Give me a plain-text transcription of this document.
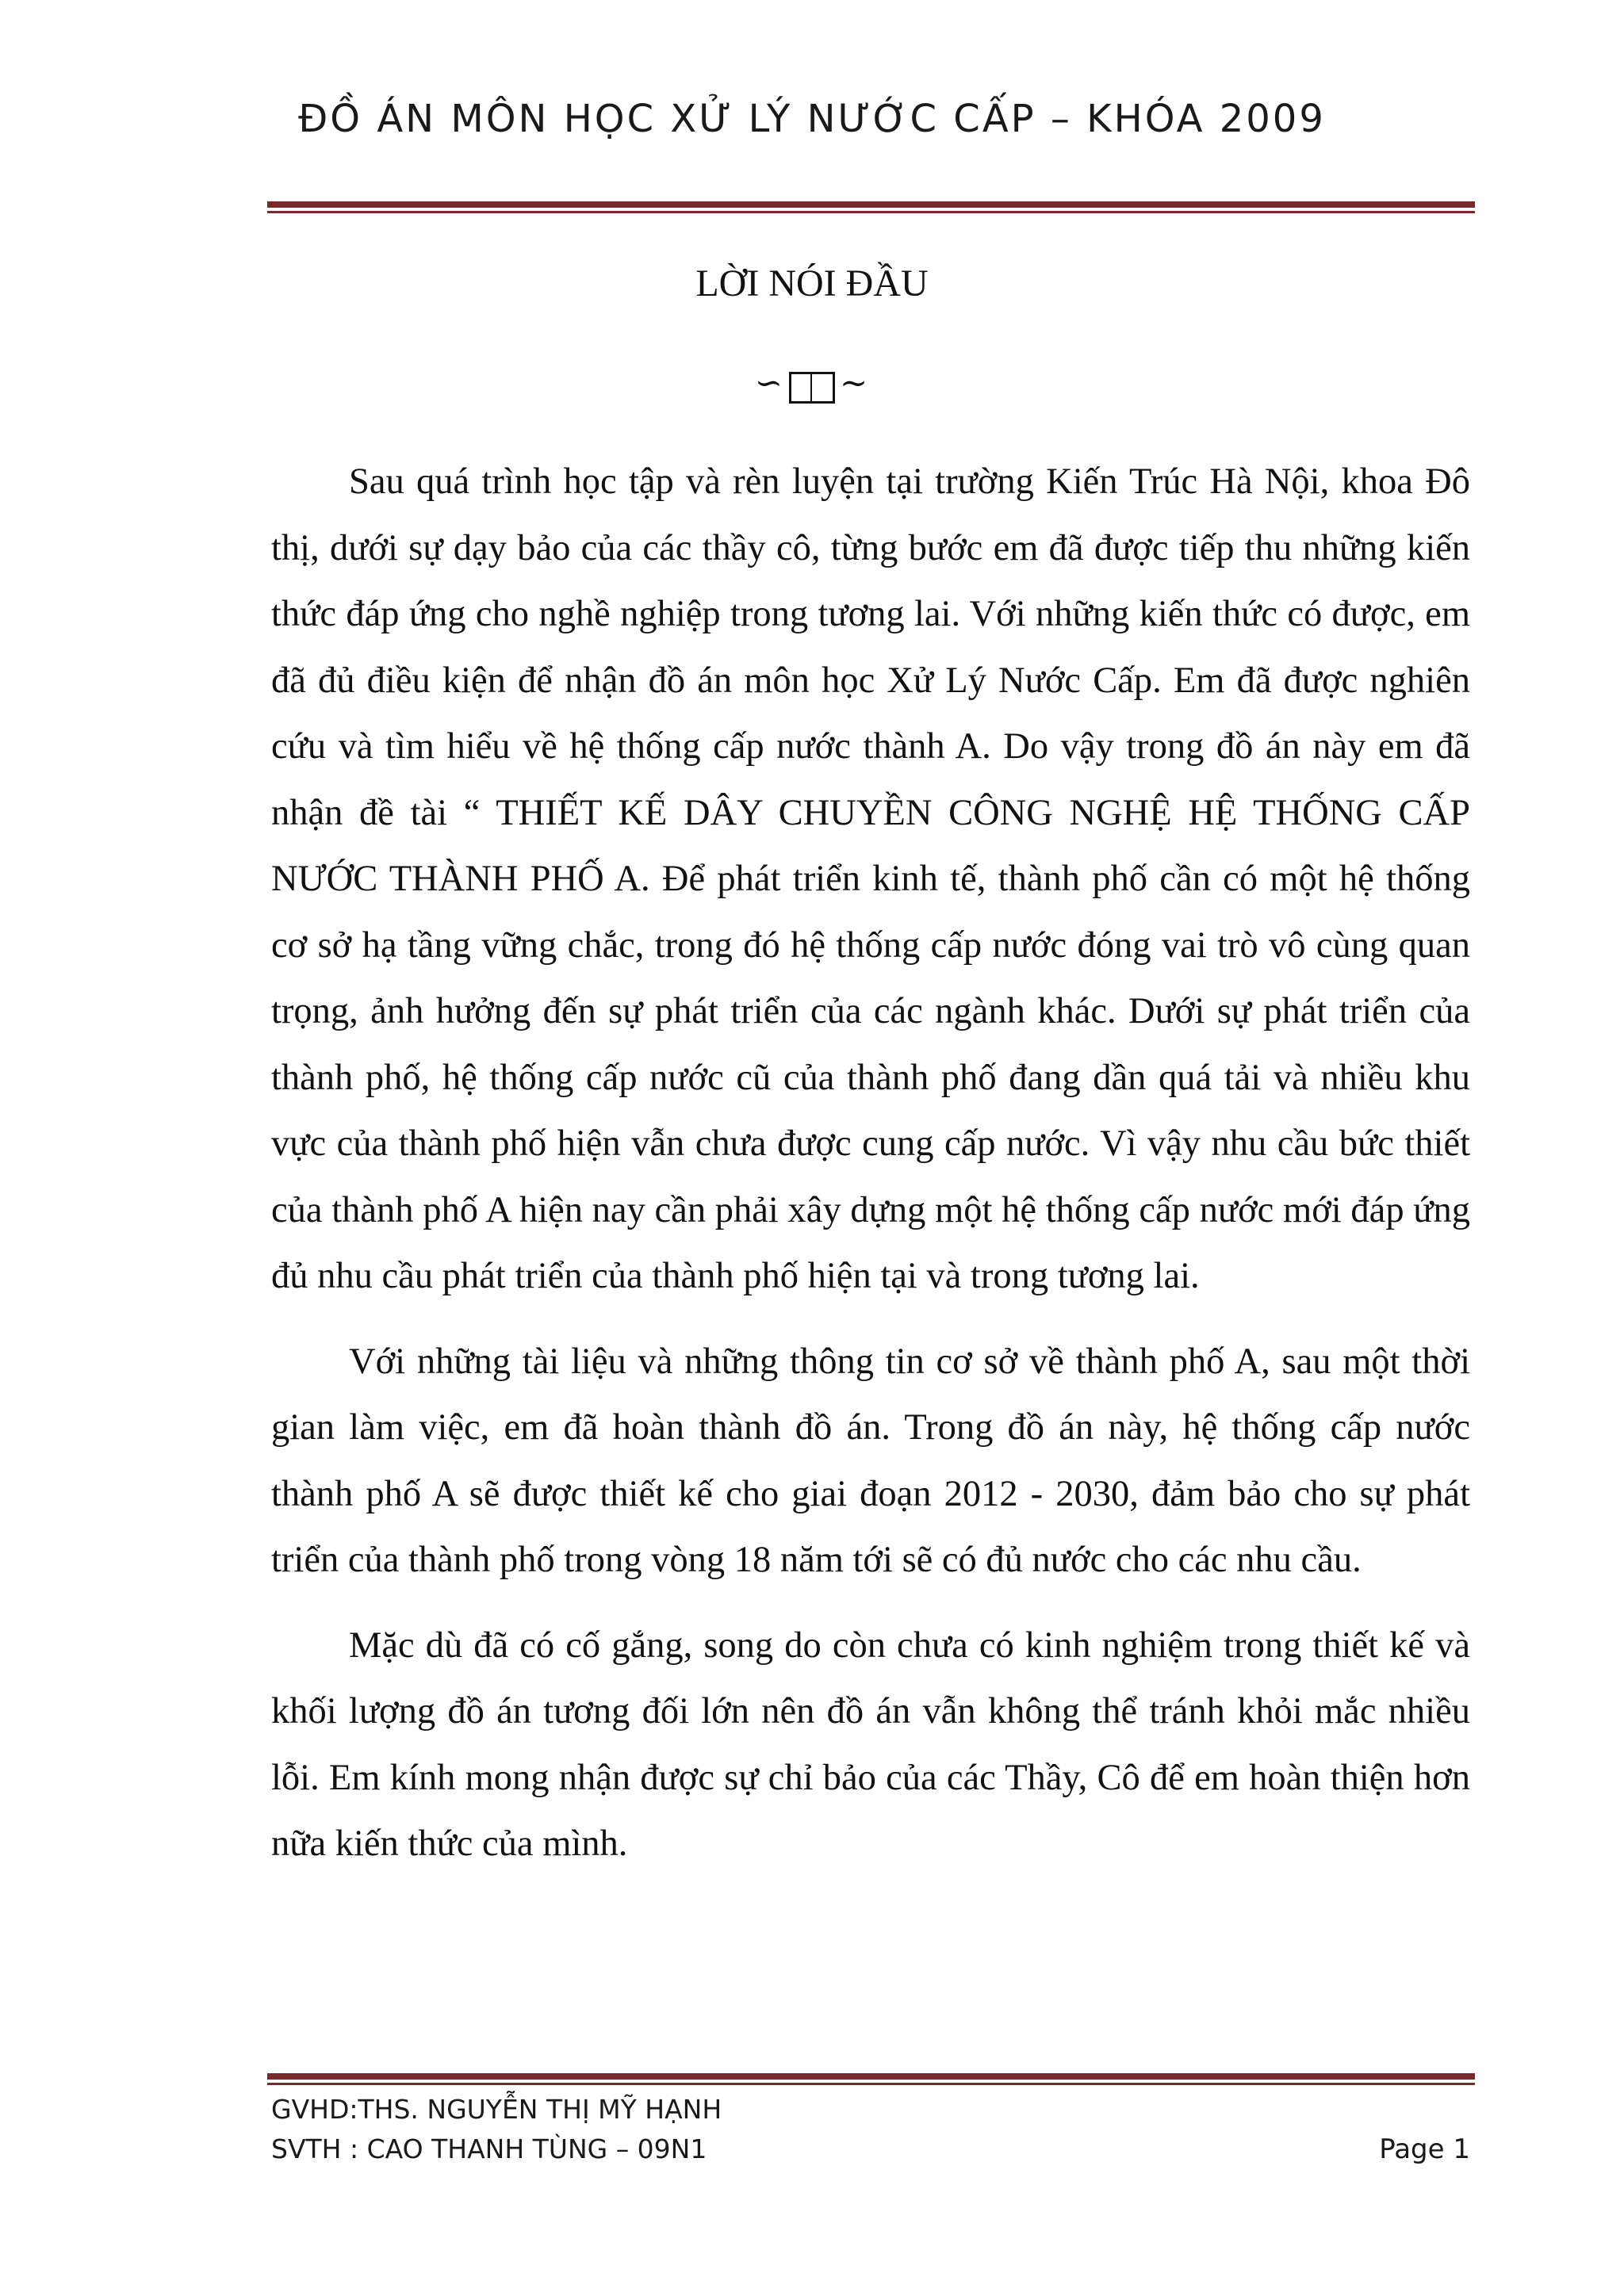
ĐỒ ÁN MÔN HỌC XỬ LÝ NƯỚC CẤP – KHÓA 2009
LỜI NÓI ĐẦU
∽ ∼

Sau quá trình học tập và rèn luyện tại trường Kiến Trúc Hà Nội, khoa Đô thị, dưới sự dạy bảo của các thầy cô, từng bước em đã được tiếp thu những kiến thức đáp ứng cho nghề nghiệp trong tương lai. Với những kiến thức có được, em đã đủ điều kiện để nhận đồ án môn học Xử Lý Nước Cấp. Em đã được nghiên cứu và tìm hiểu về hệ thống cấp nước thành A. Do vậy trong đồ án này em đã nhận đề tài “ THIẾT KẾ DÂY CHUYỀN CÔNG NGHỆ HỆ THỐNG CẤP NƯỚC THÀNH PHỐ A. Để phát triển kinh tế, thành phố cần có một hệ thống cơ sở hạ tầng vững chắc, trong đó hệ thống cấp nước đóng vai trò vô cùng quan trọng, ảnh hưởng đến sự phát triển của các ngành khác. Dưới sự phát triển của thành phố, hệ thống cấp nước cũ của thành phố đang dần quá tải và nhiều khu vực của thành phố hiện vẫn chưa được cung cấp nước. Vì vậy nhu cầu bức thiết của thành phố A hiện nay cần phải xây dựng một hệ thống cấp nước mới đáp ứng đủ nhu cầu phát triển của thành phố hiện tại và trong tương lai.

Với những tài liệu và những thông tin cơ sở về thành phố A, sau một thời gian làm việc, em đã hoàn thành đồ án. Trong đồ án này, hệ thống cấp nước thành phố A sẽ được thiết kế cho giai đoạn 2012 - 2030, đảm bảo cho sự phát triển của thành phố trong vòng 18 năm tới sẽ có đủ nước cho các nhu cầu.

Mặc dù đã có cố gắng, song do còn chưa có kinh nghiệm trong thiết kế và khối lượng đồ án tương đối lớn nên đồ án vẫn không thể tránh khỏi mắc nhiều lỗi. Em kính mong nhận được sự chỉ bảo của các Thầy, Cô để em hoàn thiện hơn nữa kiến thức của mình.

GVHD:THS. NGUYỄN THỊ MỸ HẠNH
SVTH : CAO THANH TÙNG – 09N1	Page 1
